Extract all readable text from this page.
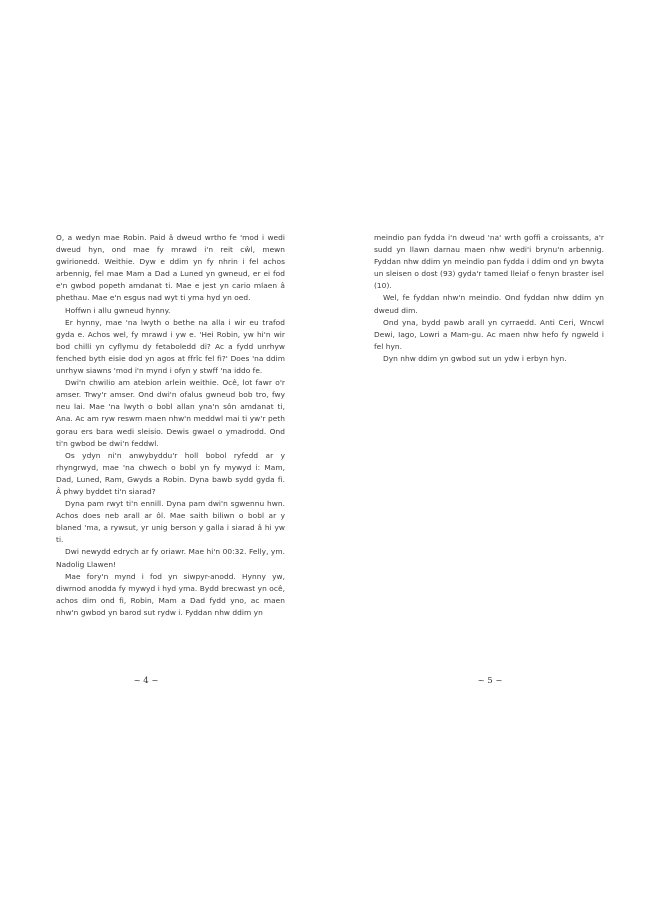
O, a wedyn mae Robin. Paid â dweud wrtho fe 'mod i wedi dweud hyn, ond mae fy mrawd i'n reit cŵl, mewn gwirionedd. Weithie. Dyw e ddim yn fy nhrin i fel achos arbennig, fel mae Mam a Dad a Luned yn gwneud, er ei fod e'n gwbod popeth amdanat ti. Mae e jest yn cario mlaen â phethau. Mae e'n esgus nad wyt ti yma hyd yn oed.

Hoffwn i allu gwneud hynny.

Er hynny, mae 'na lwyth o bethe na alla i wir eu trafod gyda e. Achos wel, fy mrawd i yw e. 'Hei Robin, yw hi'n wir bod chilli yn cyflymu dy fetaboledd di? Ac a fydd unrhyw fenched byth eisie dod yn agos at ffrîc fel fi?' Does 'na ddim unrhyw siawns 'mod i'n mynd i ofyn y stwff 'na iddo fe.

Dwi'n chwilio am atebion arlein weithie. Ocê, lot fawr o'r amser. Trwy'r amser. Ond dwi'n ofalus gwneud bob tro, fwy neu lai. Mae 'na lwyth o bobl allan yna'n sôn amdanat ti, Ana. Ac am ryw reswm maen nhw'n meddwl mai ti yw'r peth gorau ers bara wedi sleisio. Dewis gwael o ymadrodd. Ond ti'n gwbod be dwi'n feddwl.

Os ydyn ni'n anwybyddu'r holl bobol ryfedd ar y rhyngrwyd, mae 'na chwech o bobl yn fy mywyd i: Mam, Dad, Luned, Ram, Gwyds a Robin. Dyna bawb sydd gyda fi. Â phwy byddet ti'n siarad?

Dyna pam rwyt ti'n ennill. Dyna pam dwi'n sgwennu hwn. Achos does neb arall ar ôl. Mae saith biliwn o bobl ar y blaned 'ma, a rywsut, yr unig berson y galla i siarad â hi yw ti.

Dwi newydd edrych ar fy oriawr. Mae hi'n 00:32. Felly, ym. Nadolig Llawen!

Mae fory'n mynd i fod yn siwpyr-anodd. Hynny yw, diwrnod anodda fy mywyd i hyd yma. Bydd brecwast yn ocê, achos dim ond fi, Robin, Mam a Dad fydd yno, ac maen nhw'n gwbod yn barod sut rydw i. Fyddan nhw ddim yn

~ 4 ~

meindio pan fydda i'n dweud 'na' wrth goffi a croissants, a'r sudd yn llawn darnau maen nhw wedi'i brynu'n arbennig. Fyddan nhw ddim yn meindio pan fydda i ddim ond yn bwyta un sleisen o dost (93) gyda'r tamed lleiaf o fenyn braster isel (10).

Wel, fe fyddan nhw'n meindio. Ond fyddan nhw ddim yn dweud dim.

Ond yna, bydd pawb arall yn cyrraedd. Anti Ceri, Wncwl Dewi, Iago, Lowri a Mam-gu. Ac maen nhw hefo fy ngweld i fel hyn.

Dyn nhw ddim yn gwbod sut un ydw i erbyn hyn.

~ 5 ~
